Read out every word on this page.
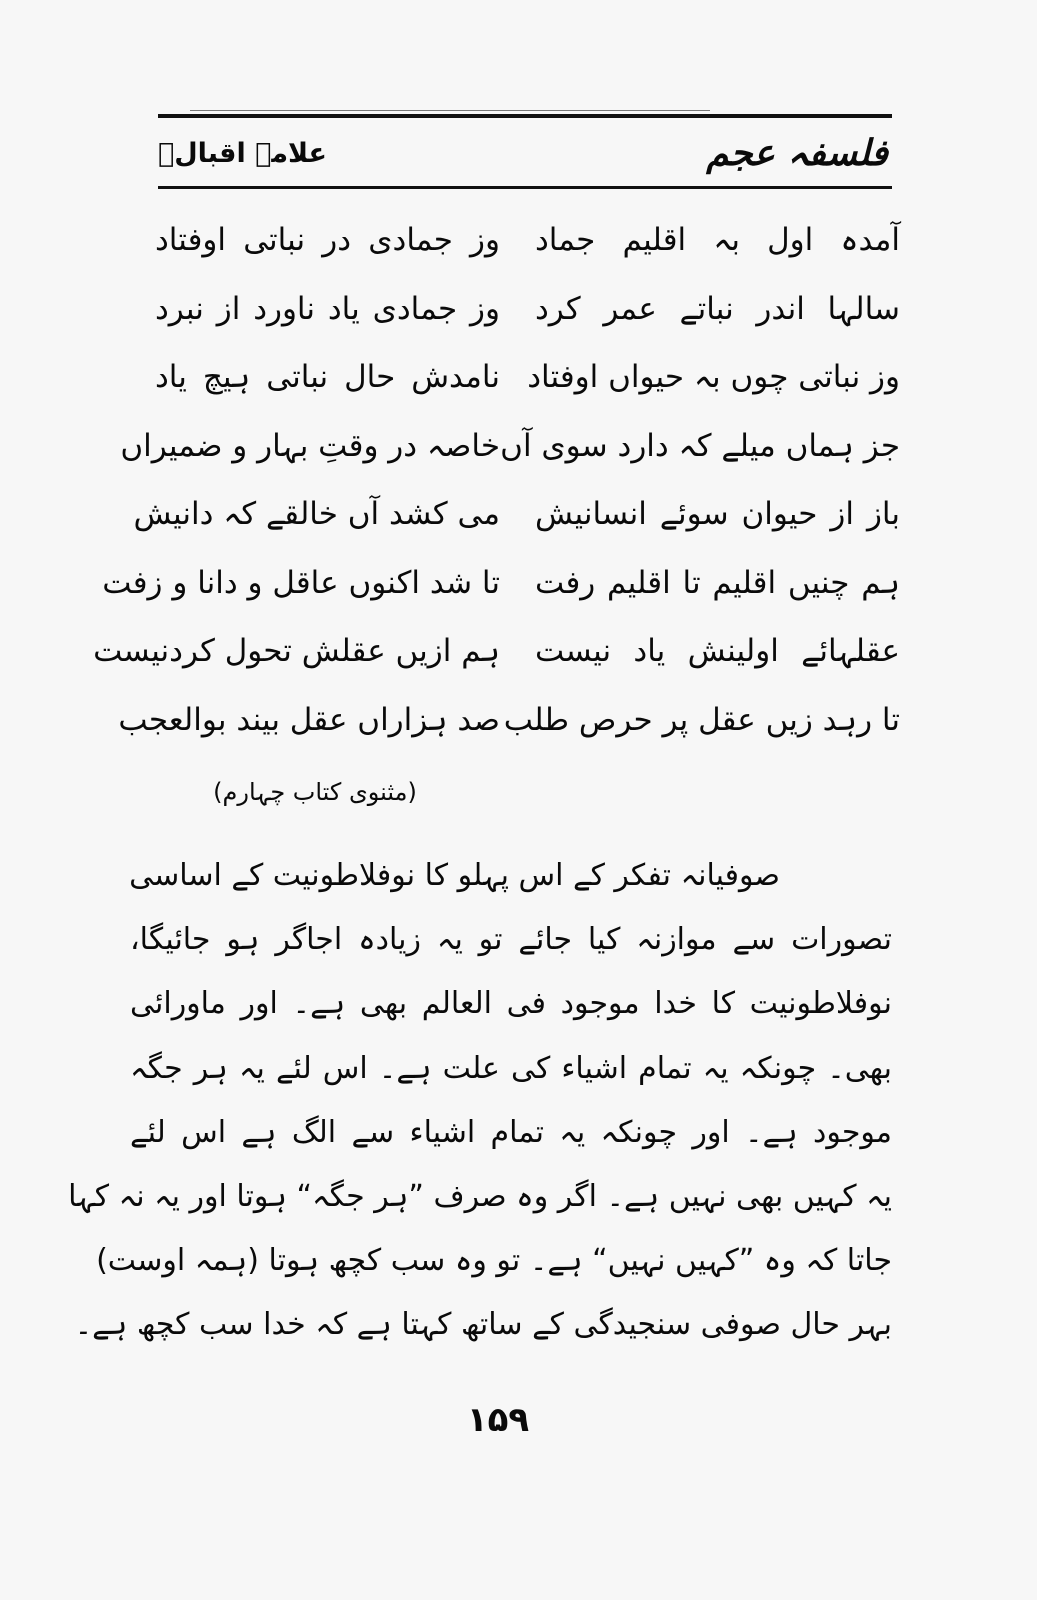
فلسفہ عجم
علامہ اقبالؒ
آمدہ اول بہ اقلیم جماد
وز جمادی در نباتی اوفتاد
سالہا اندر نباتے عمر کرد
وز جمادی یاد ناورد از نبرد
وز نباتی چوں بہ حیواں اوفتاد
نامدش حال نباتی ہیچ یاد
جز ہماں میلے کہ دارد سوی آں
خاصہ در وقتِ بہار و ضمیراں
باز از حیوان سوئے انسانیش
می کشد آں خالقے کہ دانیش
ہم چنیں اقلیم تا اقلیم رفت
تا شد اکنوں عاقل و دانا و زفت
عقلہائے اولینش یاد نیست
ہم ازیں عقلش تحول کردنیست
تا رہد زیں عقل پر حرص طلب
صد ہزاراں عقل بیند بوالعجب
(مثنوی کتاب چہارم)
صوفیانہ تفکر کے اس پہلو کا نوفلاطونیت کے اساسی
تصورات سے موازنہ کیا جائے تو یہ زیادہ اجاگر ہو جائیگا،
نوفلاطونیت کا خدا موجود فی العالم بھی ہے۔ اور ماورائی
بھی۔ چونکہ یہ تمام اشیاء کی علت ہے۔ اس لئے یہ ہر جگہ
موجود ہے۔ اور چونکہ یہ تمام اشیاء سے الگ ہے اس لئے
یہ کہیں بھی نہیں ہے۔ اگر وہ صرف ”ہر جگہ“ ہوتا اور یہ نہ کہا
جاتا کہ وہ ”کہیں نہیں“ ہے۔ تو وہ سب کچھ ہوتا (ہمہ اوست)
بہر حال صوفی سنجیدگی کے ساتھ کہتا ہے کہ خدا سب کچھ ہے۔
۱۵۹
